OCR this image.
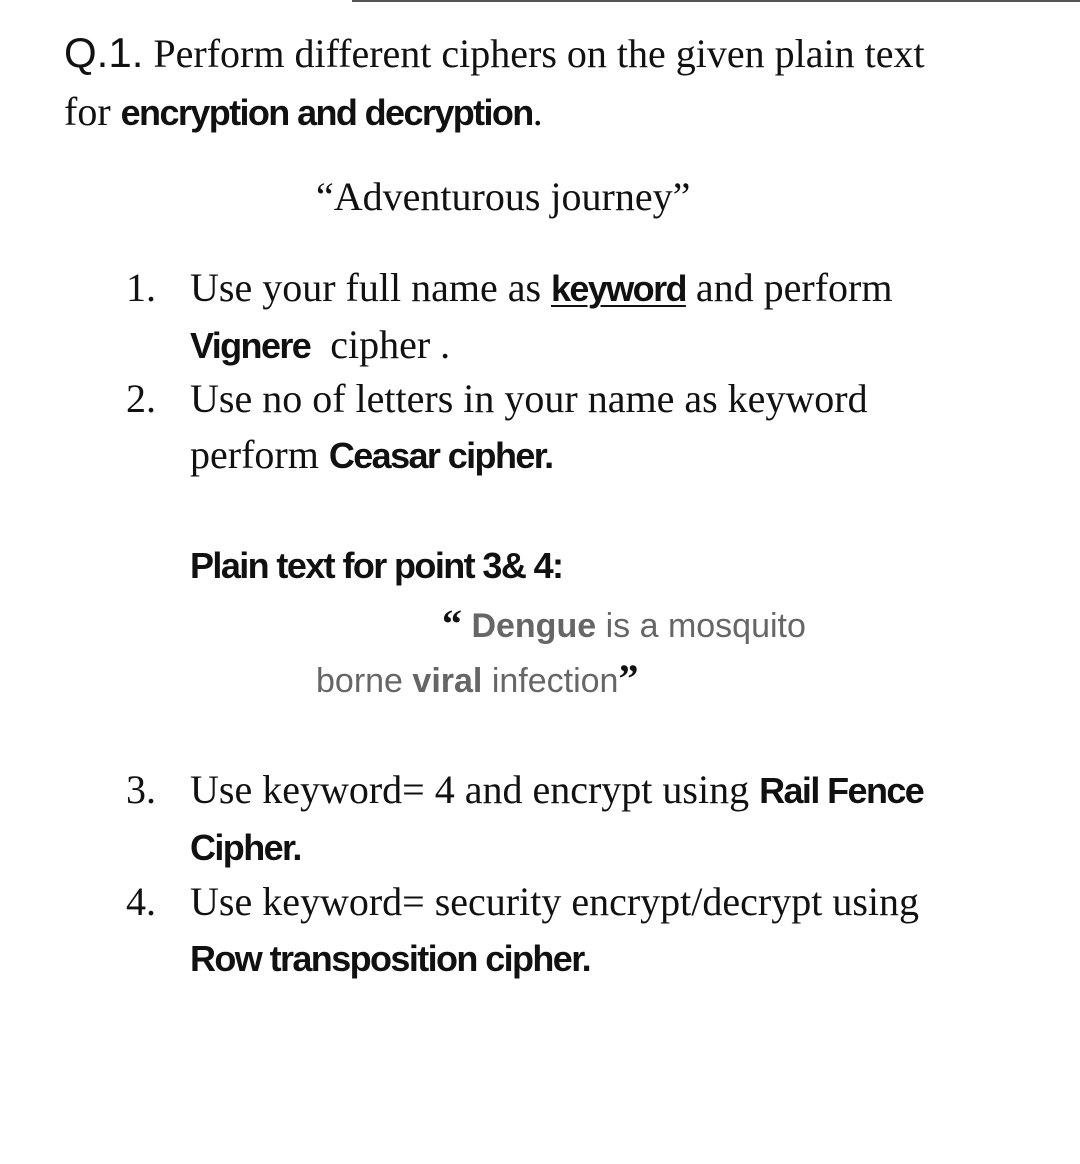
Q.1. Perform different ciphers on the given plain text
for encryption and decryption.
“Adventurous journey”
1. Use your full name as keyword and perform
Vignere cipher .
2. Use no of letters in your name as keyword
perform Ceasar cipher.
Plain text for point 3& 4:
“ Dengue is a mosquito
borne viral infection”
3. Use keyword= 4 and encrypt using Rail Fence
Cipher.
4. Use keyword= security encrypt/decrypt using
Row transposition cipher.
